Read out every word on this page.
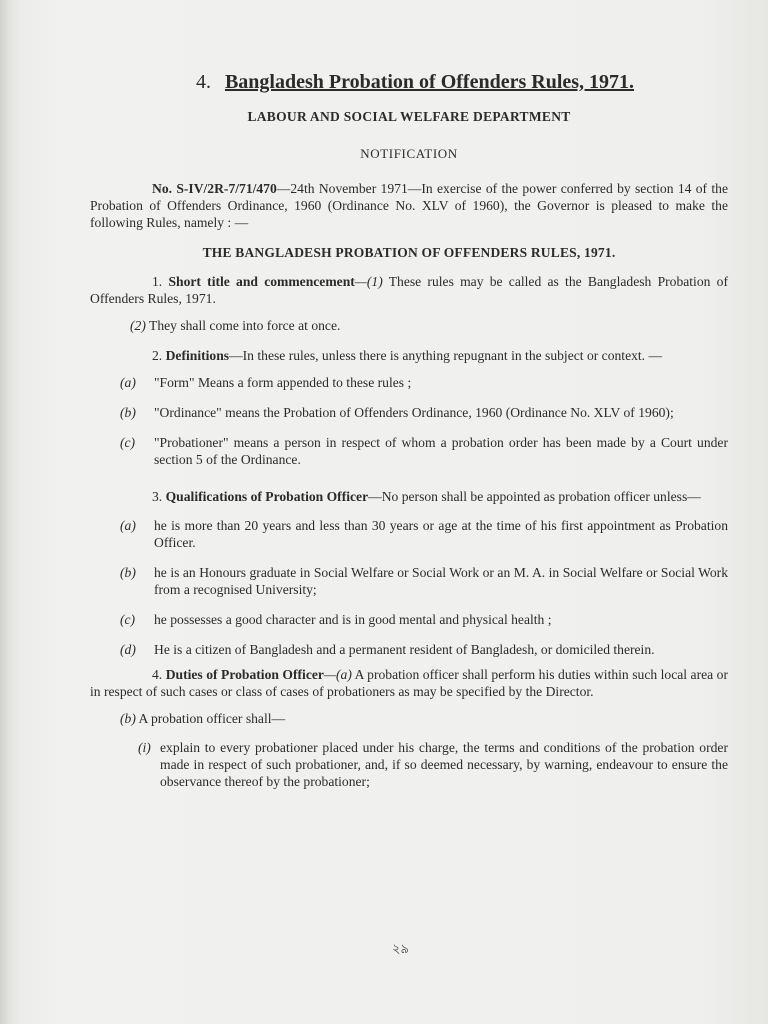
4. Bangladesh Probation of Offenders Rules, 1971.
LABOUR AND SOCIAL WELFARE DEPARTMENT
NOTIFICATION

No. S-IV/2R-7/71/470—24th November 1971—In exercise of the power conferred by section 14 of the Probation of Offenders Ordinance, 1960 (Ordinance No. XLV of 1960), the Governor is pleased to make the following Rules, namely : —

THE BANGLADESH PROBATION OF OFFENDERS RULES, 1971.

1. Short title and commencement—(1) These rules may be called as the Bangladesh Probation of Offenders Rules, 1971.

(2) They shall come into force at once.

2. Definitions—In these rules, unless there is anything repugnant in the subject or context. —

(a) "Form" Means a form appended to these rules ;
(b) "Ordinance" means the Probation of Offenders Ordinance, 1960 (Ordinance No. XLV of 1960);
(c) "Probationer" means a person in respect of whom a probation order has been made by a Court under section 5 of the Ordinance.

3. Qualifications of Probation Officer—No person shall be appointed as probation officer unless—

(a) he is more than 20 years and less than 30 years or age at the time of his first appointment as Probation Officer.
(b) he is an Honours graduate in Social Welfare or Social Work or an M. A. in Social Welfare or Social Work from a recognised University;
(c) he possesses a good character and is in good mental and physical health ;
(d) He is a citizen of Bangladesh and a permanent resident of Bangladesh, or domiciled therein.

4. Duties of Probation Officer—(a) A probation officer shall perform his duties within such local area or in respect of such cases or class of cases of probationers as may be specified by the Director.

(b) A probation officer shall—

(i) explain to every probationer placed under his charge, the terms and conditions of the probation order made in respect of such probationer, and, if so deemed necessary, by warning, endeavour to ensure the observance thereof by the probationer;
২৯
